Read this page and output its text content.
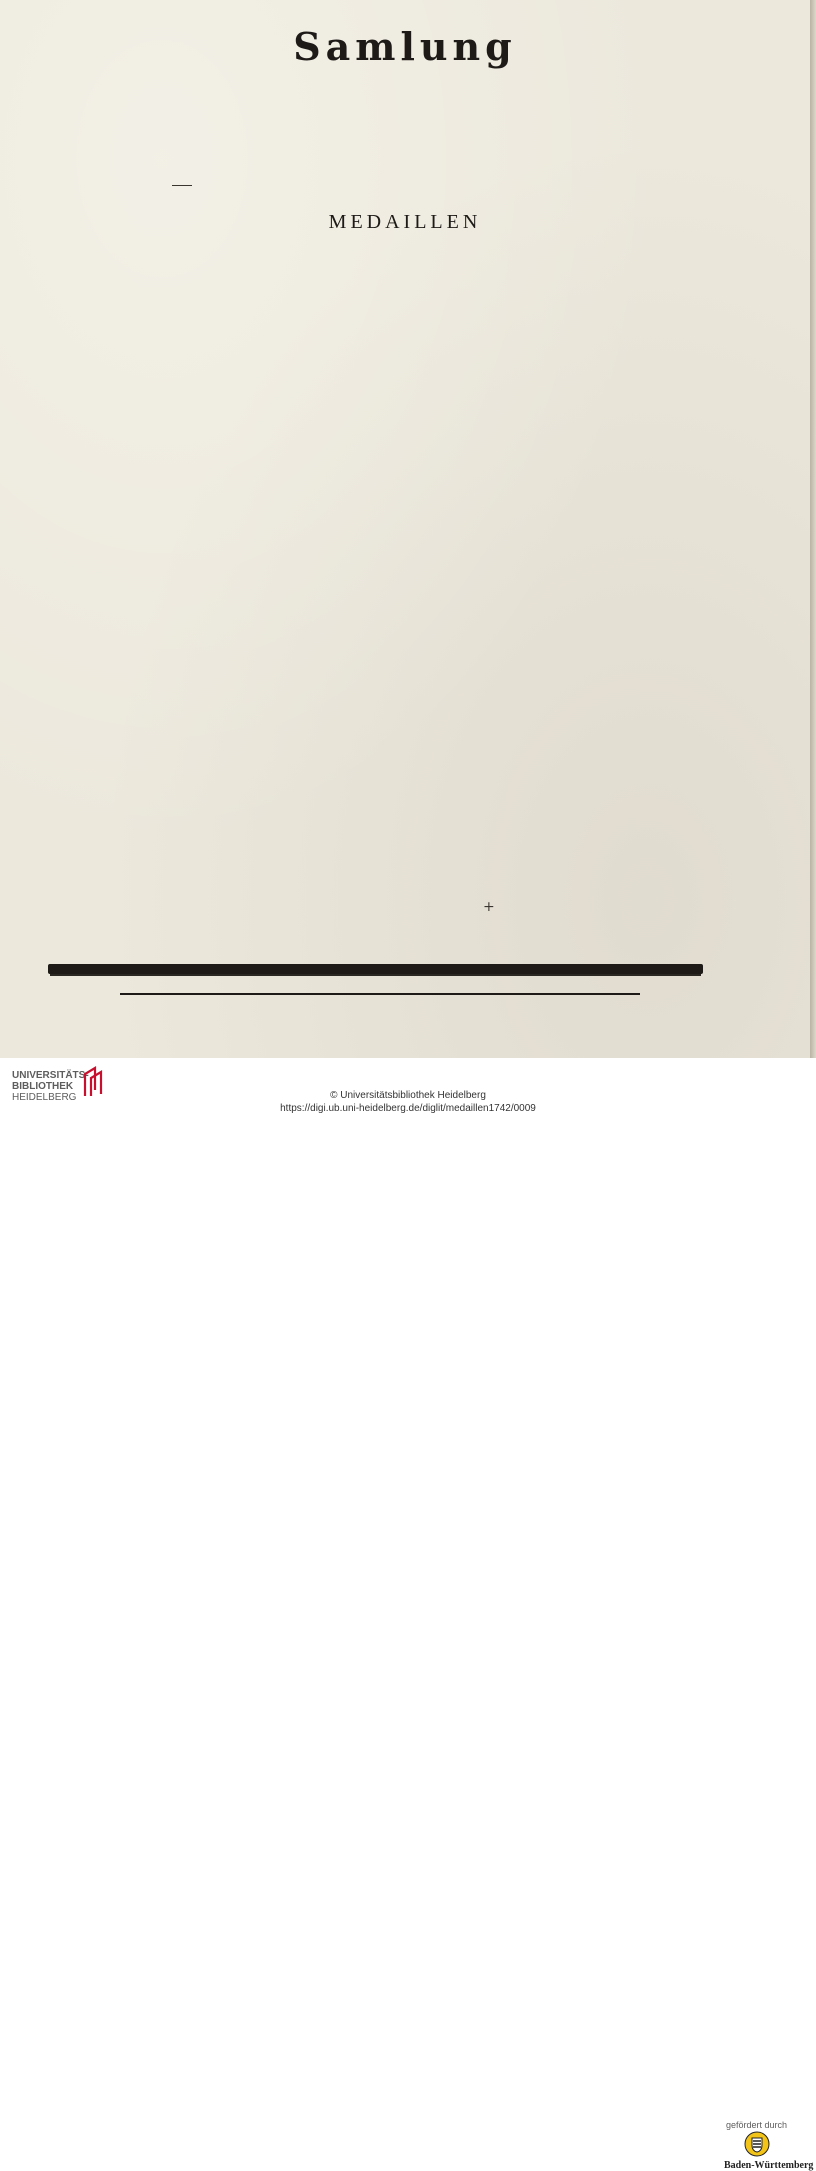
Samlung

MEDAILLEN

+

UNIVERSITÄTS-
BIBLIOTHEK
HEIDELBERG
gefördert durch
Baden-Württemberg
© Universitätsbibliothek Heidelberg
https://digi.ub.uni-heidelberg.de/diglit/medaillen1742/0009
